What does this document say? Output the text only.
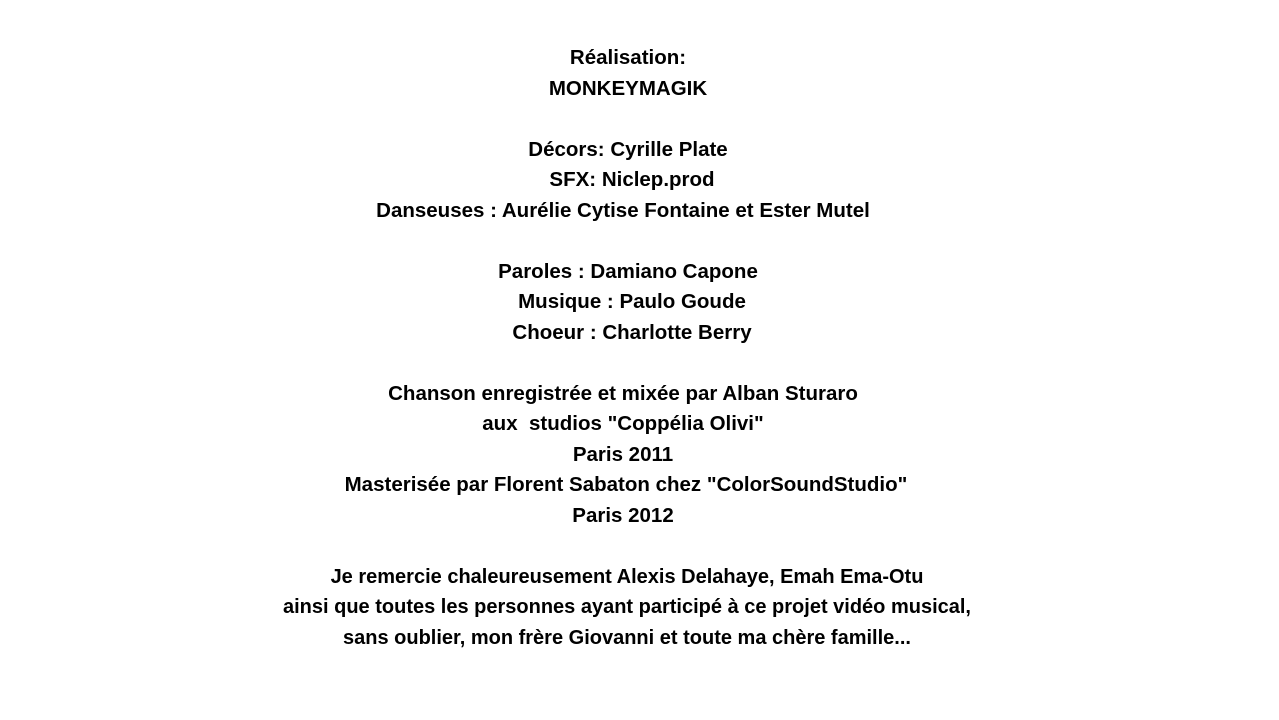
Réalisation:
MONKEYMAGIK
Décors: Cyrille Plate
SFX: Niclep.prod
Danseuses : Aurélie Cytise Fontaine et Ester Mutel
Paroles : Damiano Capone
Musique : Paulo Goude
Choeur : Charlotte Berry
Chanson enregistrée et mixée par Alban Sturaro
aux  studios "Coppélia Olivi"
Paris 2011
Masterisée par Florent Sabaton chez "ColorSoundStudio"
Paris 2012
Je remercie chaleureusement Alexis Delahaye, Emah Ema-Otu
ainsi que toutes les personnes ayant participé à ce projet vidéo musical,
sans oublier, mon frère Giovanni et toute ma chère famille...
